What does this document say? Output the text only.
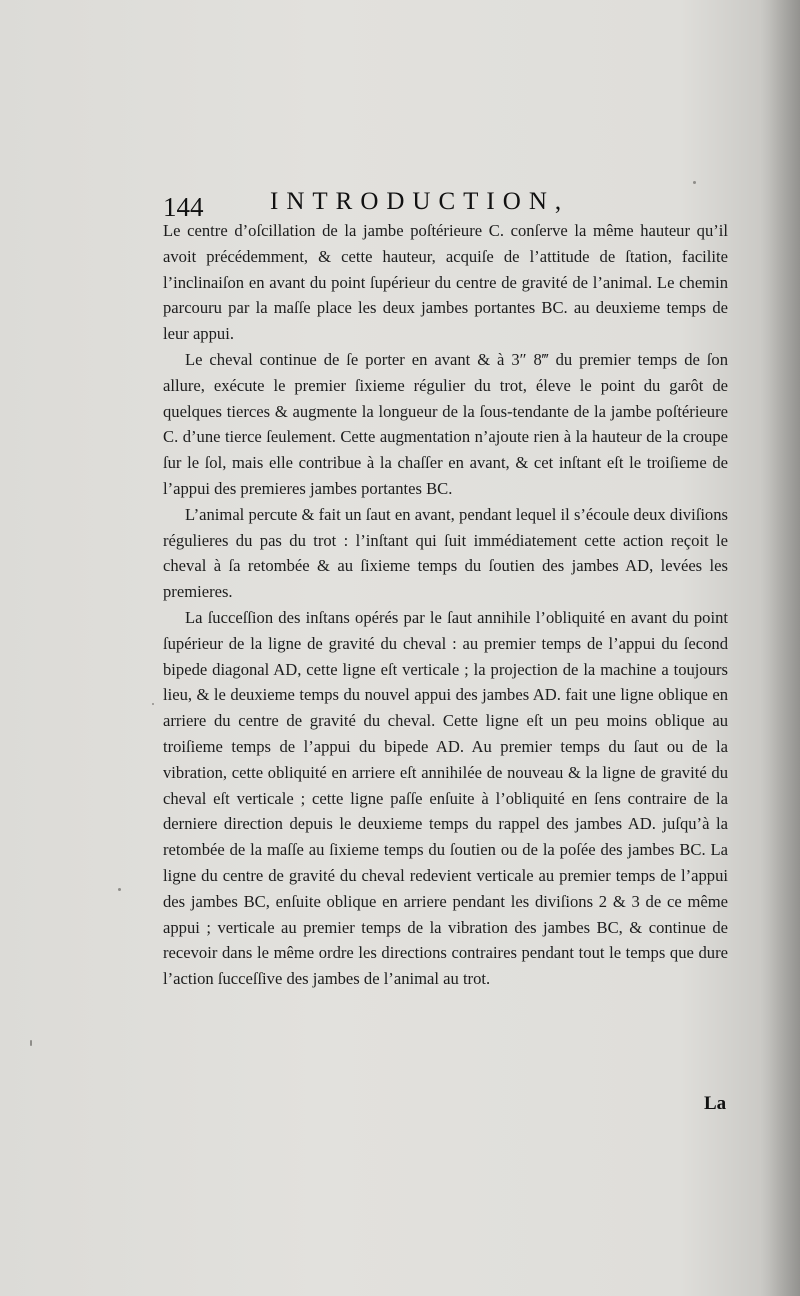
144	INTRODUCTION,

Le centre d’oſcillation de la jambe poſtérieure C. conſerve la même hauteur qu’il avoit précédemment, & cette hauteur, acquiſe de l’attitude de ſtation, facilite l’inclinaiſon en avant du point ſupérieur du centre de gravité de l’animal. Le chemin parcouru par la maſſe place les deux jambes portantes BC. au deuxieme temps de leur appui.

Le cheval continue de ſe porter en avant & à 3″ 8‴ du premier temps de ſon allure, exécute le premier ſixieme régulier du trot, éleve le point du garôt de quelques tierces & augmente la longueur de la ſous-tendante de la jambe poſtérieure C. d’une tierce ſeulement. Cette augmentation n’ajoute rien à la hauteur de la croupe ſur le ſol, mais elle contribue à la chaſſer en avant, & cet inſtant eſt le troiſieme de l’appui des premieres jambes portantes BC.

L’animal percute & fait un ſaut en avant, pendant lequel il s’écoule deux diviſions régulieres du pas du trot : l’inſtant qui ſuit immédiatement cette action reçoit le cheval à ſa retombée & au ſixieme temps du ſoutien des jambes AD, levées les premieres.

La ſucceſſion des inſtans opérés par le ſaut annihile l’obliquité en avant du point ſupérieur de la ligne de gravité du cheval : au premier temps de l’appui du ſecond bipede diagonal AD, cette ligne eſt verticale ; la projection de la machine a toujours lieu, & le deuxieme temps du nouvel appui des jambes AD. fait une ligne oblique en arriere du centre de gravité du cheval. Cette ligne eſt un peu moins oblique au troiſieme temps de l’appui du bipede AD. Au premier temps du ſaut ou de la vibration, cette obliquité en arriere eſt annihilée de nouveau & la ligne de gravité du cheval eſt verticale ; cette ligne paſſe enſuite à l’obliquité en ſens contraire de la derniere direction depuis le deuxieme temps du rappel des jambes AD. juſqu’à la retombée de la maſſe au ſixieme temps du ſoutien ou de la poſée des jambes BC. La ligne du centre de gravité du cheval redevient verticale au premier temps de l’appui des jambes BC, enſuite oblique en arriere pendant les diviſions 2 & 3 de ce même appui ; verticale au premier temps de la vibration des jambes BC, & continue de recevoir dans le même ordre les directions contraires pendant tout le temps que dure l’action ſucceſſive des jambes de l’animal au trot.

La
